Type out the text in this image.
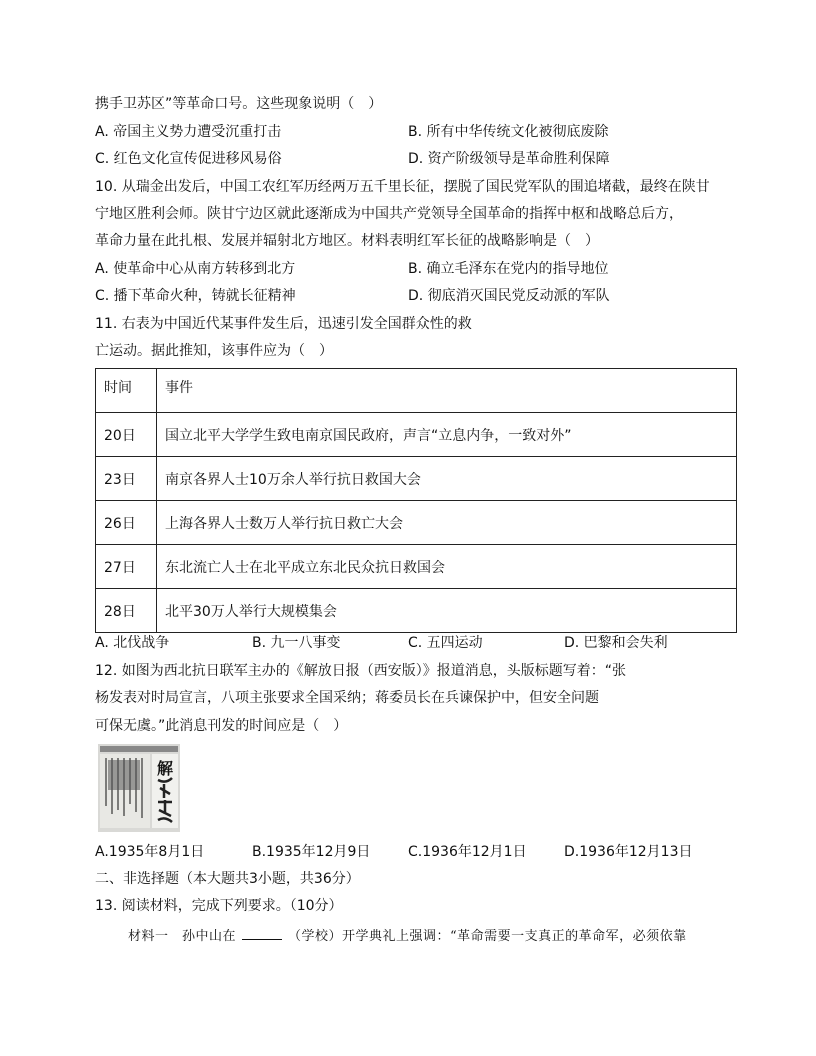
携手卫苏区”等革命口号。这些现象说明（　）
A. 帝国主义势力遭受沉重打击	B. 所有中华传统文化被彻底废除
C. 红色文化宣传促进移风易俗	D. 资产阶级领导是革命胜利保障
10. 从瑞金出发后，中国工农红军历经两万五千里长征，摆脱了国民党军队的围追堵截，最终在陕甘
宁地区胜利会师。陕甘宁边区就此逐渐成为中国共产党领导全国革命的指挥中枢和战略总后方，
革命力量在此扎根、发展并辐射北方地区。材料表明红军长征的战略影响是（　）
A. 使革命中心从南方转移到北方	B. 确立毛泽东在党内的指导地位
C. 播下革命火种，铸就长征精神	D. 彻底消灭国民党反动派的军队
11. 右表为中国近代某事件发生后，迅速引发全国群众性的救
亡运动。据此推知，该事件应为（　）
时间	事件
20日	国立北平大学学生致电南京国民政府，声言“立息内争，一致对外”
23日	南京各界人士10万余人举行抗日救国大会
26日	上海各界人士数万人举行抗日救亡大会
27日	东北流亡人士在北平成立东北民众抗日救国会
28日	北平30万人举行大规模集会
A. 北伐战争	B. 九一八事变	C. 五四运动	D. 巴黎和会失利
12. 如图为西北抗日联军主办的《解放日报（西安版）》报道消息，头版标题写着：“张
杨发表对时局宣言，八项主张要求全国采纳；蒋委员长在兵谏保护中，但安全问题
可保无虞。”此消息刊发的时间应是（　）
解
A.1935年8月1日	B.1935年12月9日	C.1936年12月1日	D.1936年12月13日
二、非选择题（本大题共3小题，共36分）
13. 阅读材料，完成下列要求。（10分）
材料一　孙中山在	（学校）开学典礼上强调：“革命需要一支真正的革命军，必须依靠
